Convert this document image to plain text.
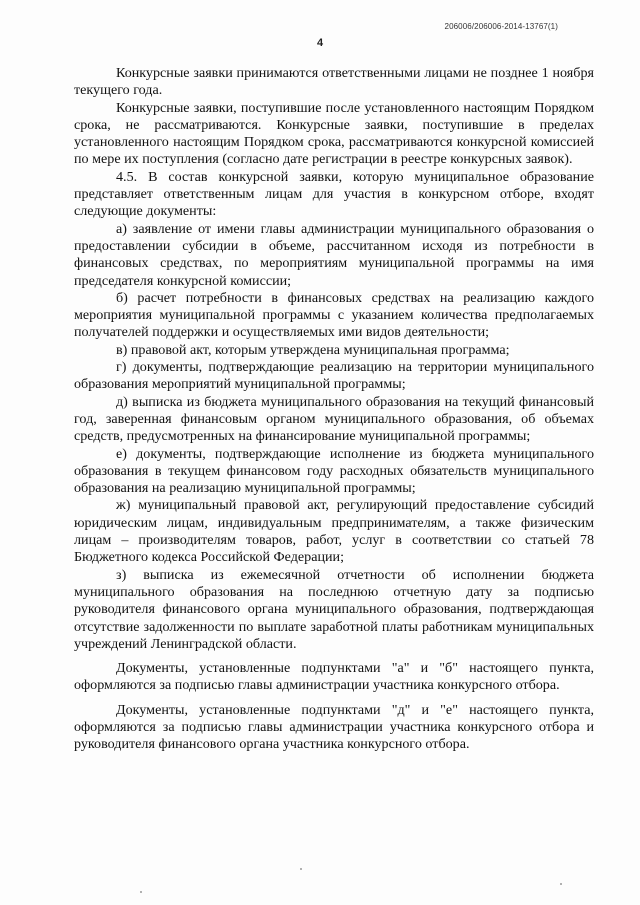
206006/206006-2014-13767(1)
4

Конкурсные заявки принимаются ответственными лицами не позднее 1 ноября текущего года.

Конкурсные заявки, поступившие после установленного настоящим Порядком срока, не рассматриваются. Конкурсные заявки, поступившие в пределах установленного настоящим Порядком срока, рассматриваются конкурсной комиссией по мере их поступления (согласно дате регистрации в реестре конкурсных заявок).

4.5. В состав конкурсной заявки, которую муниципальное образование представляет ответственным лицам для участия в конкурсном отборе, входят следующие документы:

а) заявление от имени главы администрации муниципального образования о предоставлении субсидии в объеме, рассчитанном исходя из потребности в финансовых средствах, по мероприятиям муниципальной программы на имя председателя конкурсной комиссии;

б) расчет потребности в финансовых средствах на реализацию каждого мероприятия муниципальной программы с указанием количества предполагаемых получателей поддержки и осуществляемых ими видов деятельности;

в) правовой акт, которым утверждена муниципальная программа;

г) документы, подтверждающие реализацию на территории муниципального образования мероприятий муниципальной программы;

д) выписка из бюджета муниципального образования на текущий финансовый год, заверенная финансовым органом муниципального образования, об объемах средств, предусмотренных на финансирование муниципальной программы;

е) документы, подтверждающие исполнение из бюджета муниципального образования в текущем финансовом году расходных обязательств муниципального образования на реализацию муниципальной программы;

ж) муниципальный правовой акт, регулирующий предоставление субсидий юридическим лицам, индивидуальным предпринимателям, а также физическим лицам – производителям товаров, работ, услуг в соответствии со статьей 78 Бюджетного кодекса Российской Федерации;

з) выписка из ежемесячной отчетности об исполнении бюджета муниципального образования на последнюю отчетную дату за подписью руководителя финансового органа муниципального образования, подтверждающая отсутствие задолженности по выплате заработной платы работникам муниципальных учреждений Ленинградской области.

Документы, установленные подпунктами "а" и "б" настоящего пункта, оформляются за подписью главы администрации участника конкурсного отбора.

Документы, установленные подпунктами "д" и "е" настоящего пункта, оформляются за подписью главы администрации участника конкурсного отбора и руководителя финансового органа участника конкурсного отбора.
